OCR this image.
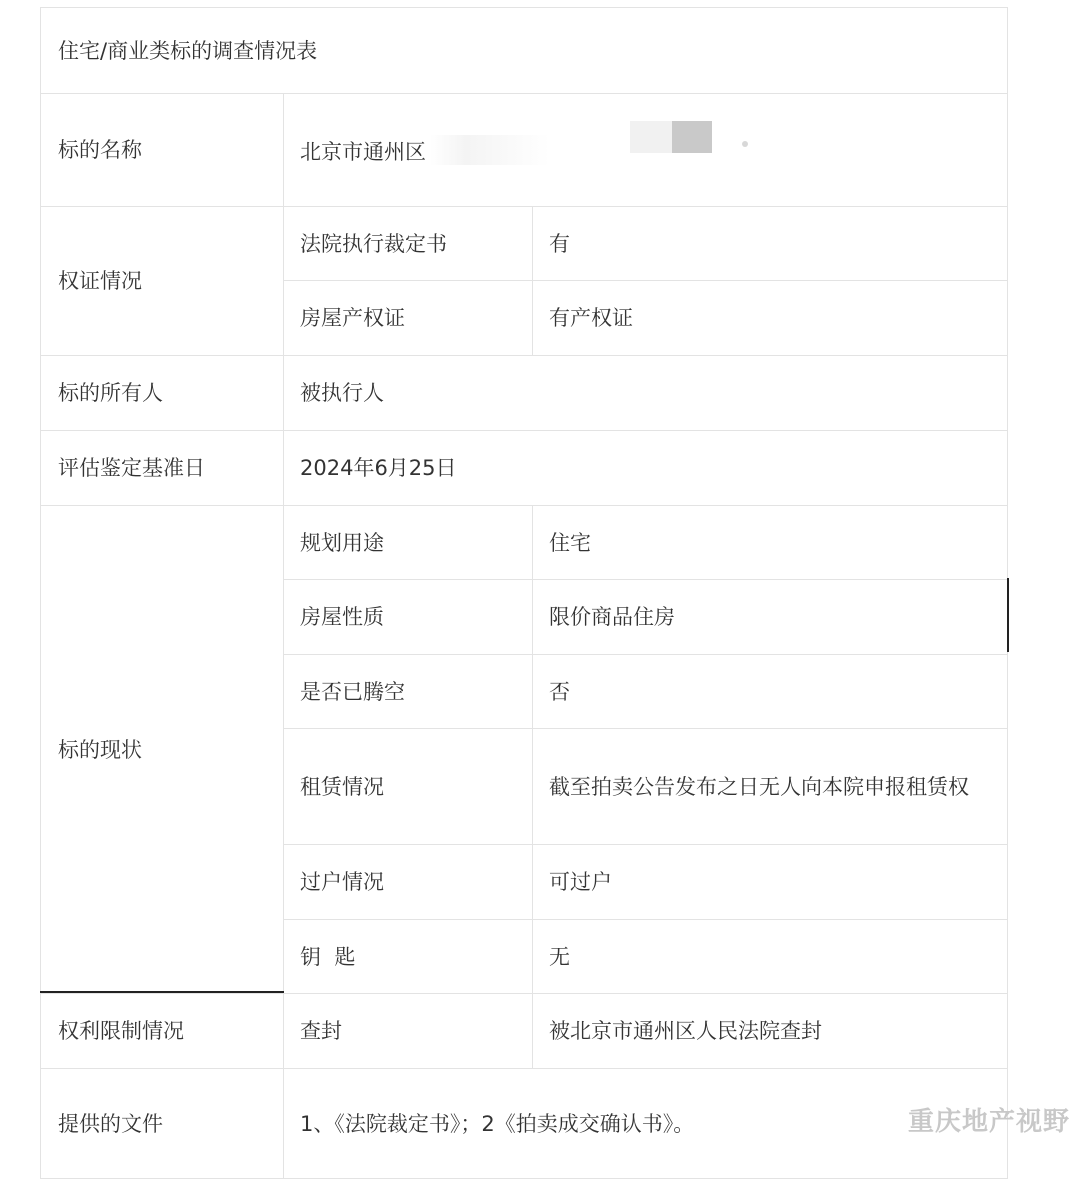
住宅/商业类标的调查情况表		
标的名称	北京市通州区	

权证情况	法院执行裁定书	有
	房屋产权证	有产权证
标的所有人	被执行人	
评估鉴定基准日	2024年6月25日	
标的现状	规划用途	住宅
	房屋性质	限价商品住房
	是否已腾空	否
	租赁情况	截至拍卖公告发布之日无人向本院申报租赁权
	过户情况	可过户
	钥  匙	无
权利限制情况	查封	被北京市通州区人民法院查封
提供的文件	1、《法院裁定书》；2《拍卖成交确认书》。		重庆地产视野
